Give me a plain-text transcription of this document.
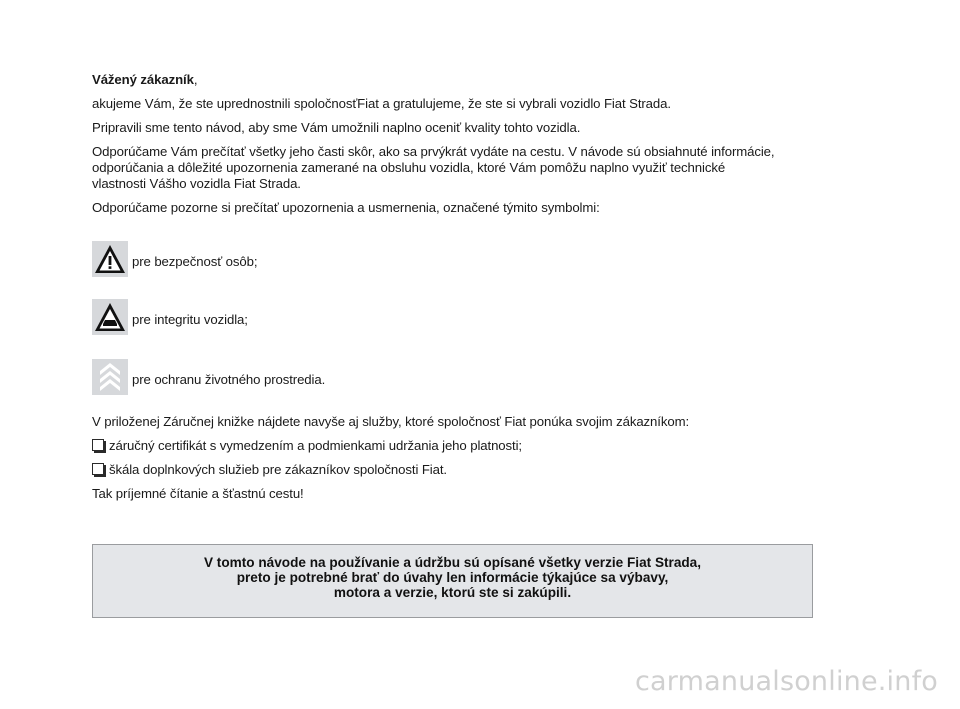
Vážený zákazník,

akujeme Vám, že ste uprednostnili spoločnosťFiat a gratulujeme, že ste si vybrali vozidlo Fiat Strada.

Pripravili sme tento návod, aby sme Vám umožnili naplno oceniť kvality tohto vozidla.

Odporúčame Vám prečítať všetky jeho časti skôr, ako sa prvýkrát vydáte na cestu. V návode sú obsiahnuté informácie,
odporúčania a dôležité upozornenia zamerané na obsluhu vozidla, ktoré Vám pomôžu naplno využiť technické
vlastnosti Vášho vozidla Fiat Strada.

Odporúčame pozorne si prečítať upozornenia a usmernenia, označené týmito symbolmi:

pre bezpečnosť osôb;
pre integritu vozidla;
pre ochranu životného prostredia.

V priloženej Záručnej knižke nájdete navyše aj služby, ktoré spoločnosť Fiat ponúka svojim zákazníkom:

záručný certifikát s vymedzením a podmienkami udržania jeho platnosti;

škála doplnkových služieb pre zákazníkov spoločnosti Fiat.

Tak príjemné čítanie a šťastnú cestu!

V tomto návode na používanie a údržbu sú opísané všetky verzie Fiat Strada,
preto je potrebné brať do úvahy len informácie týkajúce sa výbavy,
motora a verzie, ktorú ste si zakúpili.
carmanualsonline.info
